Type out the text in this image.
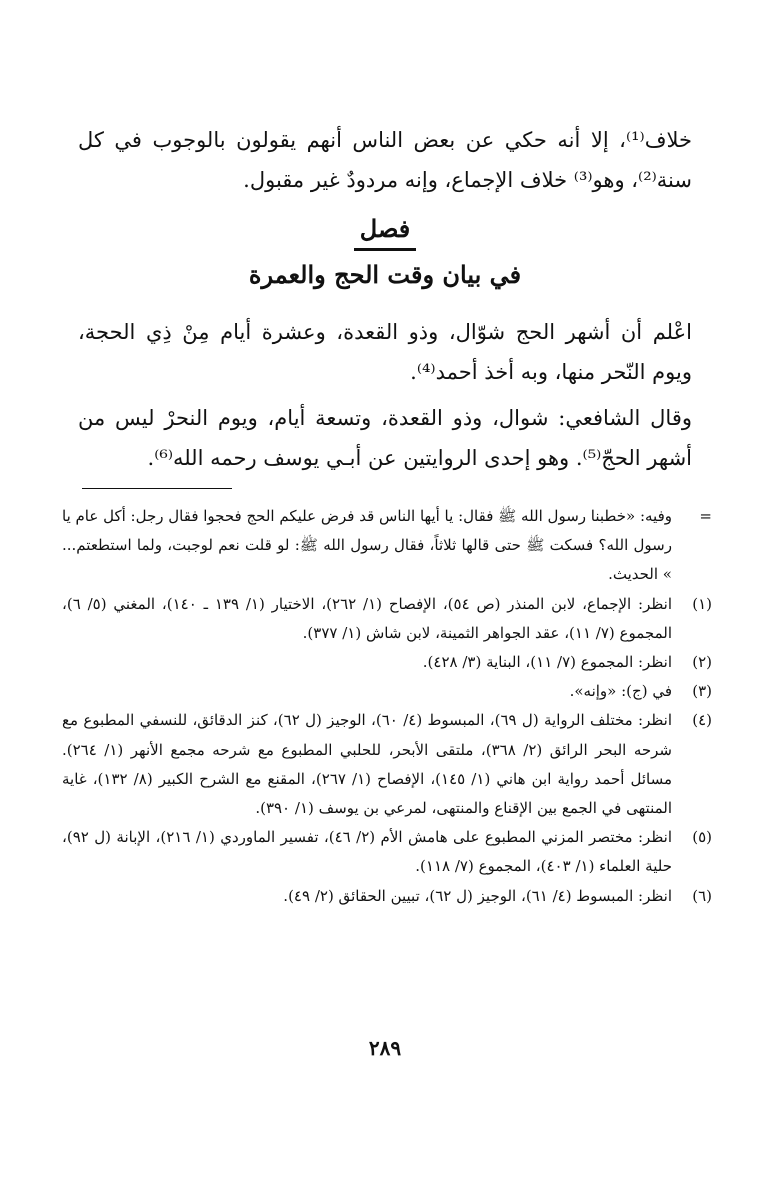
خلاف⁽¹⁾، إلا أنه حكي عن بعض الناس أنهم يقولون بالوجوب في كل سنة⁽²⁾، وهو⁽³⁾ خلاف الإجماع، وإنه مردودٌ غير مقبول.

فصل
في بيان وقت الحج والعمرة

اعْلم أن أشهر الحج شوّال، وذو القعدة، وعشرة أيام مِنْ ذِي الحجة، ويوم النّحر منها، وبه أخذ أحمد⁽⁴⁾.

وقال الشافعي: شوال، وذو القعدة، وتسعة أيام، ويوم النحرْ ليس من أشهر الحجّ⁽⁵⁾. وهو إحدى الروايتين عن أبـي يوسف رحمه الله⁽⁶⁾.

=
وفيه: «خطبنا رسول الله ﷺ فقال: يا أيها الناس قد فرض عليكم الحج فحجوا فقال رجل: أكل عام يا رسول الله؟ فسكت ﷺ حتى قالها ثلاثاً، فقال رسول الله ﷺ: لو قلت نعم لوجبت، ولما استطعتم... » الحديث.
(١)
انظر: الإجماع، لابن المنذر (ص ٥٤)، الإفصاح (١/ ٢٦٢)، الاختيار (١/ ١٣٩ ـ ١٤٠)، المغني (٥/ ٦)، المجموع (٧/ ١١)، عقد الجواهر الثمينة، لابن شاش (١/ ٣٧٧).
(٢)
انظر: المجموع (٧/ ١١)، البناية (٣/ ٤٢٨).
(٣)
في (ج): «وإنه».
(٤)
انظر: مختلف الرواية (ل ٦٩)، المبسوط (٤/ ٦٠)، الوجيز (ل ٦٢)، كنز الدقائق، للنسفي المطبوع مع شرحه البحر الرائق (٢/ ٣٦٨)، ملتقى الأبحر، للحلبي المطبوع مع شرحه مجمع الأنهر (١/ ٢٦٤). مسائل أحمد رواية ابن هاني (١/ ١٤٥)، الإفصاح (١/ ٢٦٧)، المقنع مع الشرح الكبير (٨/ ١٣٢)، غاية المنتهى في الجمع بين الإقناع والمنتهى، لمرعي بن يوسف (١/ ٣٩٠).
(٥)
انظر: مختصر المزني المطبوع على هامش الأم (٢/ ٤٦)، تفسير الماوردي (١/ ٢١٦)، الإبانة (ل ٩٢)، حلية العلماء (١/ ٤٠٣)، المجموع (٧/ ١١٨).
(٦)
انظر: المبسوط (٤/ ٦١)، الوجيز (ل ٦٢)، تبيين الحقائق (٢/ ٤٩).
٢٨٩
